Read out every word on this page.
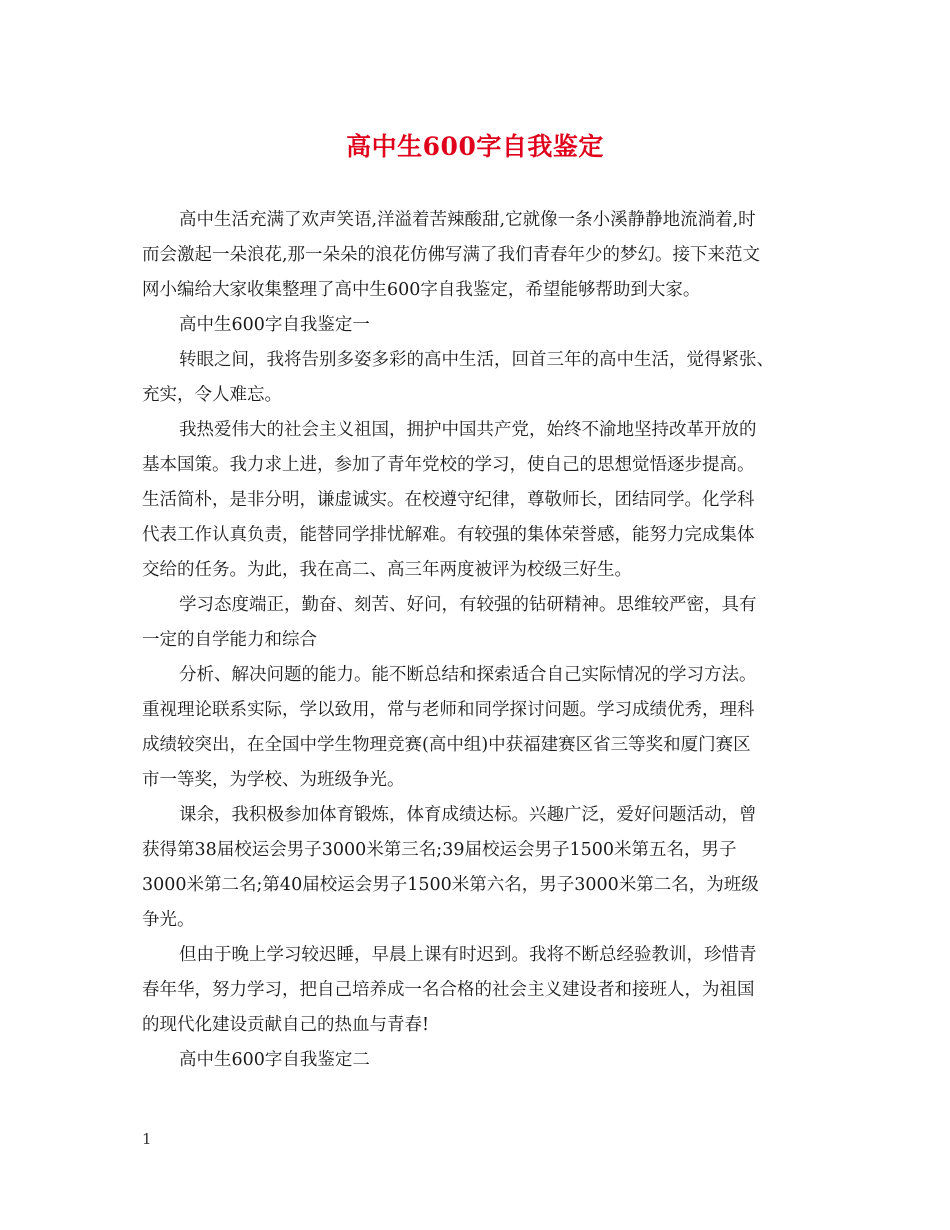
高中生600字自我鉴定
高中生活充满了欢声笑语,洋溢着苦辣酸甜,它就像一条小溪静静地流淌着,时
而会激起一朵浪花,那一朵朵的浪花仿佛写满了我们青春年少的梦幻。接下来范文
网小编给大家收集整理了高中生600字自我鉴定，希望能够帮助到大家。
高中生600字自我鉴定一
转眼之间，我将告别多姿多彩的高中生活，回首三年的高中生活，觉得紧张、
充实，令人难忘。
我热爱伟大的社会主义祖国，拥护中国共产党，始终不渝地坚持改革开放的
基本国策。我力求上进，参加了青年党校的学习，使自己的思想觉悟逐步提高。
生活简朴，是非分明，谦虚诚实。在校遵守纪律，尊敬师长，团结同学。化学科
代表工作认真负责，能替同学排忧解难。有较强的集体荣誉感，能努力完成集体
交给的任务。为此，我在高二、高三年两度被评为校级三好生。
学习态度端正，勤奋、刻苦、好问，有较强的钻研精神。思维较严密，具有
一定的自学能力和综合
分析、解决问题的能力。能不断总结和探索适合自己实际情况的学习方法。
重视理论联系实际，学以致用，常与老师和同学探讨问题。学习成绩优秀，理科
成绩较突出，在全国中学生物理竞赛(高中组)中获福建赛区省三等奖和厦门赛区
市一等奖，为学校、为班级争光。
课余，我积极参加体育锻炼，体育成绩达标。兴趣广泛，爱好问题活动，曾
获得第38届校运会男子3000米第三名;39届校运会男子1500米第五名，男子
3000米第二名;第40届校运会男子1500米第六名，男子3000米第二名，为班级
争光。
但由于晚上学习较迟睡，早晨上课有时迟到。我将不断总经验教训，珍惜青
春年华，努力学习，把自己培养成一名合格的社会主义建设者和接班人，为祖国
的现代化建设贡献自己的热血与青春!
高中生600字自我鉴定二
1
